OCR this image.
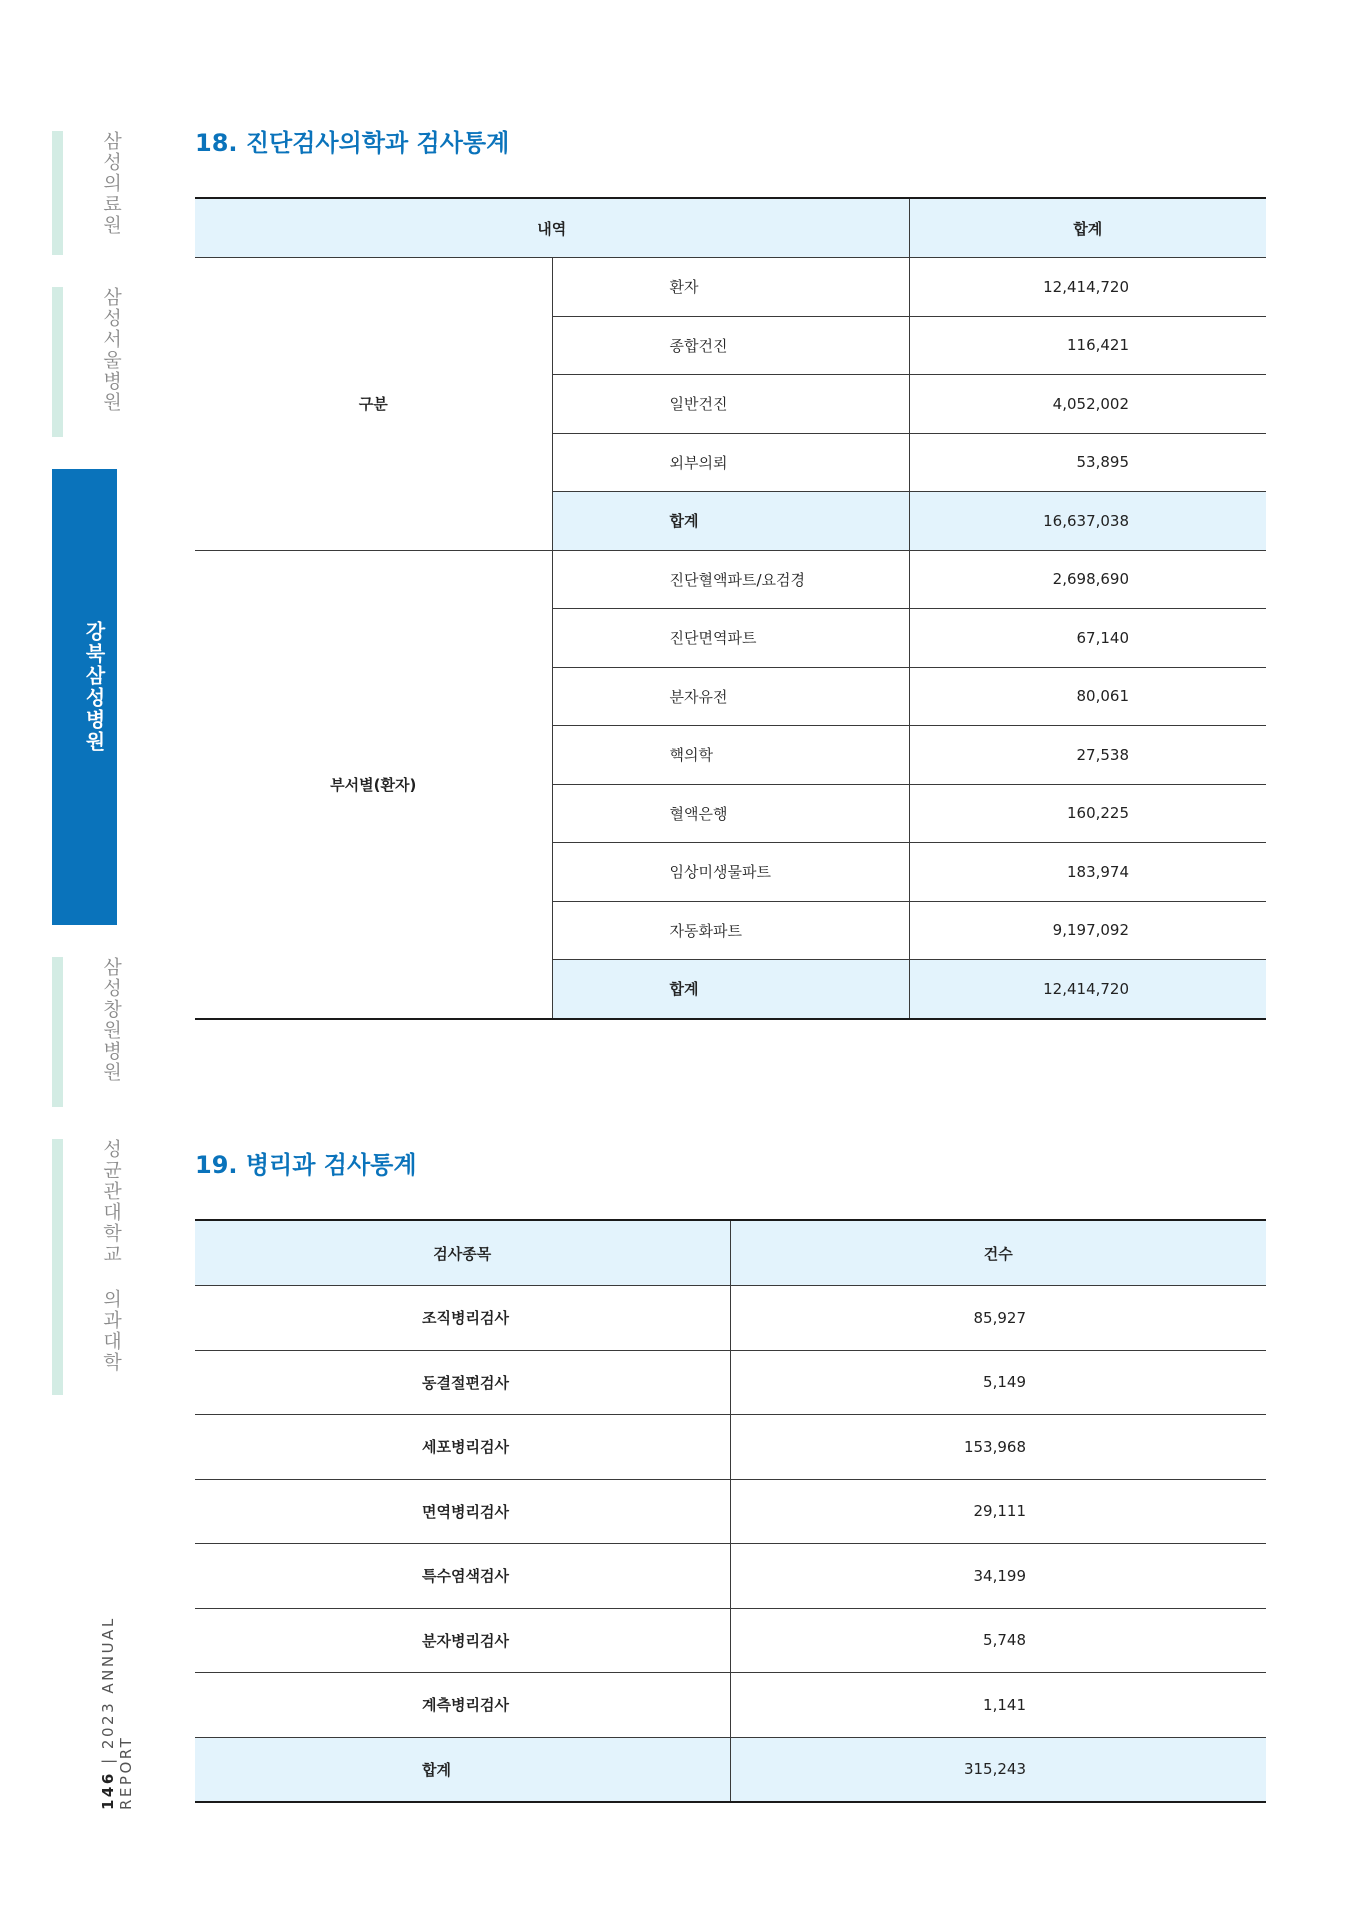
삼성의료원
삼성서울병원
강북삼성병원
삼성창원병원
성균관대학교 의과대학
146 | 2023 ANNUAL REPORT
18. 진단검사의학과 검사통계
내역		합계
구분	환자	12,414,720
	종합건진	116,421
	일반건진	4,052,002
	외부의뢰	53,895
	합계	16,637,038
부서별(환자)	진단혈액파트/요검경	2,698,690
	진단면역파트	67,140
	분자유전	80,061
	핵의학	27,538
	혈액은행	160,225
	임상미생물파트	183,974
	자동화파트	9,197,092
	합계	12,414,720
19. 병리과 검사통계
검사종목	건수
조직병리검사	85,927
동결절편검사	5,149
세포병리검사	153,968
면역병리검사	29,111
특수염색검사	34,199
분자병리검사	5,748
계측병리검사	1,141
합계	315,243
